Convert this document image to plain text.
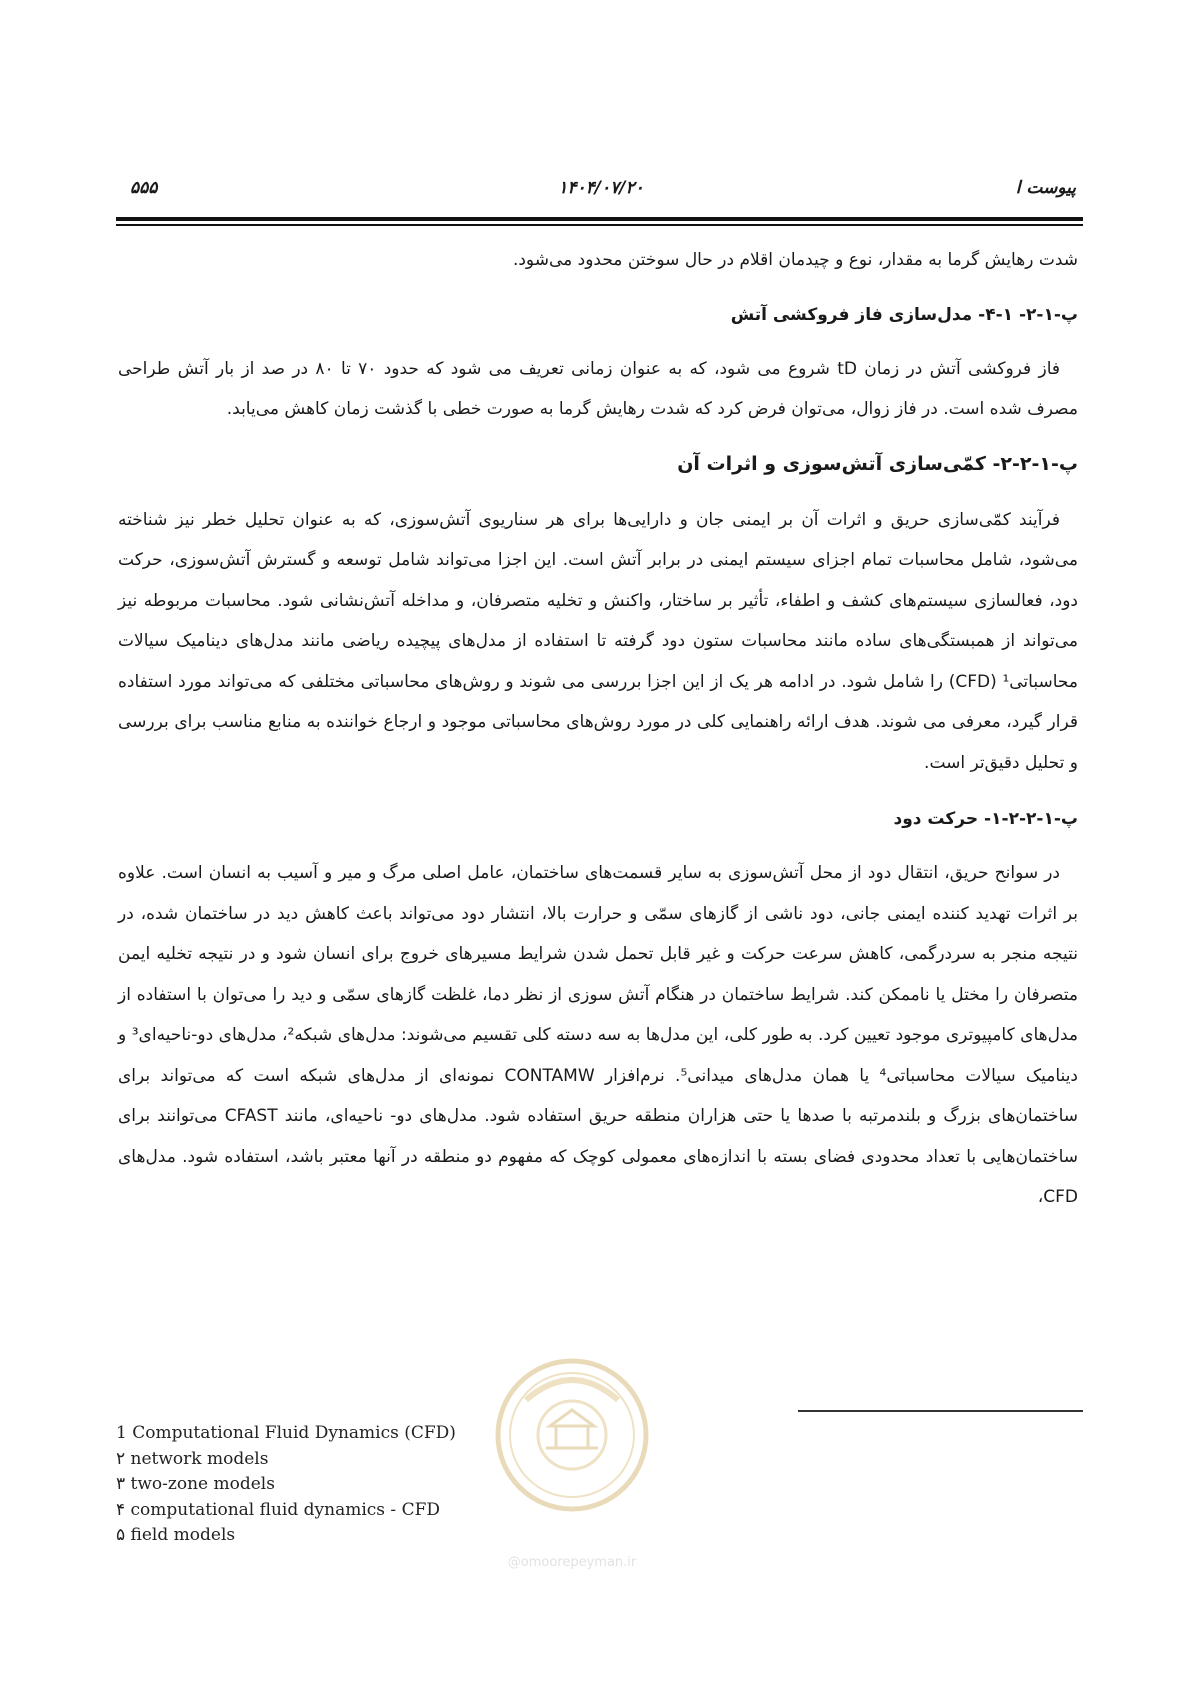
پیوست ا
۱۴۰۴/۰۷/۲۰
۵۵۵

شدت رهایش گرما به مقدار، نوع و چیدمان اقلام در حال سوختن محدود می‌شود.

پ-۱-۲- ۱-۴- مدل‌سازی فاز فروکشی آتش

فاز فروکشی آتش در زمان tD شروع می شود، که به عنوان زمانی تعریف می شود که حدود ۷۰ تا ۸۰ در صد از بار آتش طراحی مصرف شده است. در فاز زوال، می‌توان فرض کرد که شدت رهایش گرما به صورت خطی با گذشت زمان کاهش می‌یابد.

پ-۱-۲-۲- کمّی‌سازی آتش‌سوزی و اثرات آن

فرآیند کمّی‌سازی حریق و اثرات آن بر ایمنی جان و دارایی‌ها برای هر سناریوی آتش‌سوزی، که به عنوان تحلیل خطر نیز شناخته می‌شود، شامل محاسبات تمام اجزای سیستم ایمنی در برابر آتش است. این اجزا می‌تواند شامل توسعه و گسترش آتش‌سوزی، حرکت دود، فعالسازی سیستم‌های کشف و اطفاء، تأثیر بر ساختار، واکنش و تخلیه متصرفان، و مداخله آتش‌نشانی شود. محاسبات مربوطه نیز می‌تواند از همبستگی‌های ساده مانند محاسبات ستون دود گرفته تا استفاده از مدل‌های پیچیده ریاضی مانند مدل‌های دینامیک سیالات محاسباتی¹ (CFD) را شامل شود. در ادامه هر یک از این اجزا بررسی می شوند و روش‌های محاسباتی مختلفی که می‌تواند مورد استفاده قرار گیرد، معرفی می شوند. هدف ارائه راهنمایی کلی در مورد روش‌های محاسباتی موجود و ارجاع خواننده به منابع مناسب برای بررسی و تحلیل دقیق‌تر است.

پ-۱-۲-۲-۱- حرکت دود

در سوانح حریق، انتقال دود از محل آتش‌سوزی به سایر قسمت‌های ساختمان، عامل اصلی مرگ و میر و آسیب به انسان است. علاوه بر اثرات تهدید کننده ایمنی جانی، دود ناشی از گازهای سمّی و حرارت بالا، انتشار دود می‌تواند باعث کاهش دید در ساختمان شده، در نتیجه منجر به سردرگمی، کاهش سرعت حرکت و غیر قابل تحمل شدن شرایط مسیرهای خروج برای انسان شود و در نتیجه تخلیه ایمن متصرفان را مختل یا ناممکن کند. شرایط ساختمان در هنگام آتش سوزی از نظر دما، غلظت گازهای سمّی و دید را می‌توان با استفاده از مدل‌های کامپیوتری موجود تعیین کرد. به طور کلی، این مدل‌ها به سه دسته کلی تقسیم می‌شوند: مدل‌های شبکه²، مدل‌های دو-ناحیه‌ای³ و دینامیک سیالات محاسباتی⁴ یا همان مدل‌های میدانی⁵. نرم‌افزار CONTAMW نمونه‌ای از مدل‌های شبکه است که می‌تواند برای ساختمان‌های بزرگ و بلندمرتبه با صدها یا حتی هزاران منطقه حریق استفاده شود. مدل‌های دو- ناحیه‌ای، مانند CFAST می‌توانند برای ساختمان‌هایی با تعداد محدودی فضای بسته با اندازه‌های معمولی کوچک که مفهوم دو منطقه در آنها معتبر باشد، استفاده شود. مدل‌های CFD،

@omoorepeyman.ir
1 Computational Fluid Dynamics (CFD)
۲ network models
۳ two-zone models
۴ computational fluid dynamics - CFD
۵ field models
